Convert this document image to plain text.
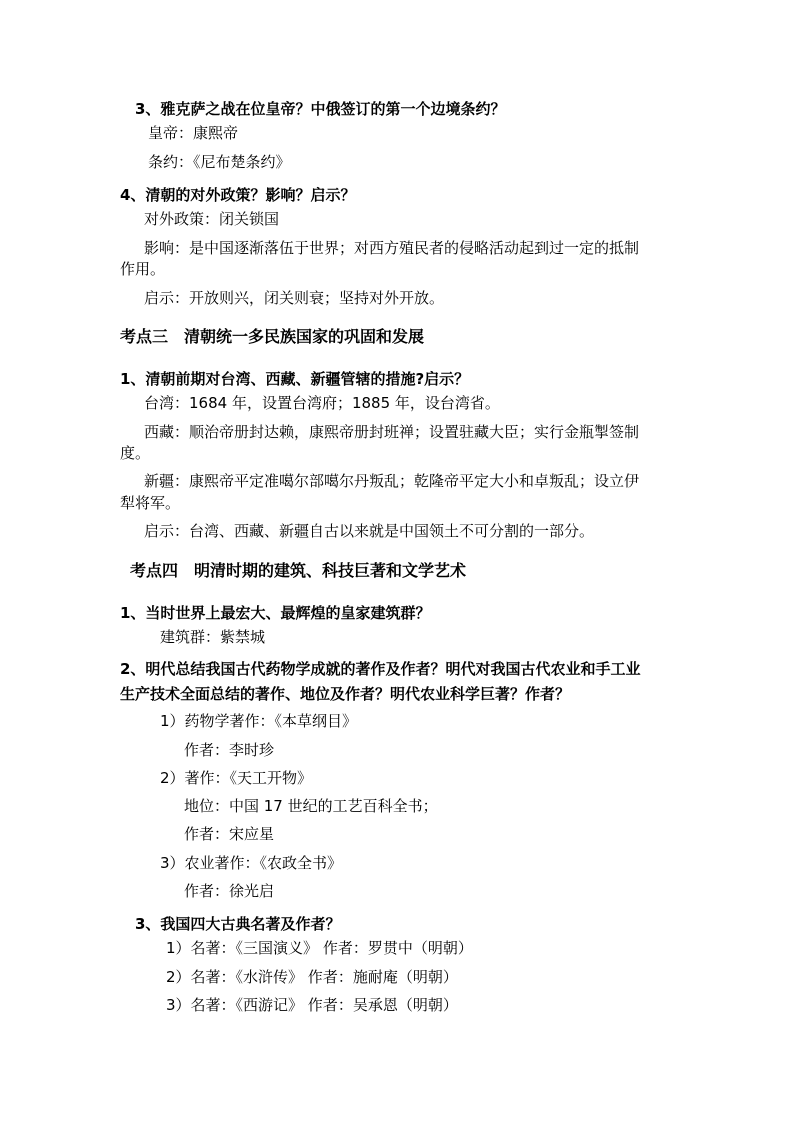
3、雅克萨之战在位皇帝？中俄签订的第一个边境条约？
皇帝：康熙帝
条约：《尼布楚条约》
4、清朝的对外政策？影响？启示？
对外政策：闭关锁国
影响：是中国逐渐落伍于世界；对西方殖民者的侵略活动起到过一定的抵制
作用。
启示：开放则兴，闭关则衰；坚持对外开放。
考点三　清朝统一多民族国家的巩固和发展
1、清朝前期对台湾、西藏、新疆管辖的措施?启示？
台湾：1684 年，设置台湾府；1885 年，设台湾省。
西藏：顺治帝册封达赖，康熙帝册封班禅；设置驻藏大臣；实行金瓶掣签制
度。
新疆：康熙帝平定准噶尔部噶尔丹叛乱；乾隆帝平定大小和卓叛乱；设立伊
犁将军。
启示：台湾、西藏、新疆自古以来就是中国领土不可分割的一部分。
考点四　明清时期的建筑、科技巨著和文学艺术
1、当时世界上最宏大、最辉煌的皇家建筑群？
建筑群：紫禁城
2、明代总结我国古代药物学成就的著作及作者？明代对我国古代农业和手工业
生产技术全面总结的著作、地位及作者？明代农业科学巨著？作者？
1）药物学著作：《本草纲目》
作者：李时珍
2）著作：《天工开物》
地位：中国 17 世纪的工艺百科全书；
作者：宋应星
3）农业著作：《农政全书》
作者：徐光启
3、我国四大古典名著及作者？
1）名著：《三国演义》 作者：罗贯中（明朝）
2）名著：《水浒传》 作者：施耐庵（明朝）
3）名著：《西游记》 作者：吴承恩（明朝）
